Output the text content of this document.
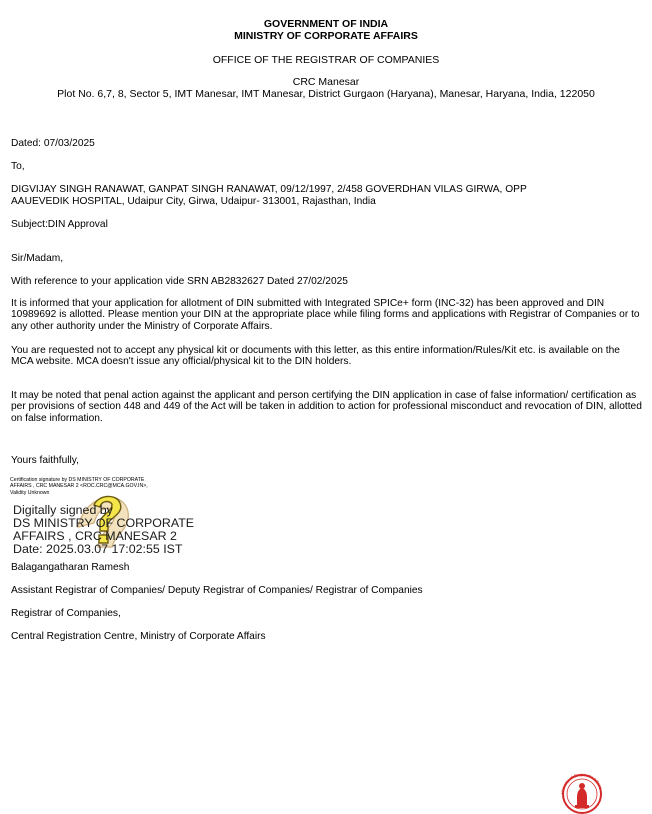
GOVERNMENT OF INDIA

MINISTRY OF CORPORATE AFFAIRS

OFFICE OF THE REGISTRAR OF COMPANIES

CRC Manesar

Plot No. 6,7, 8, Sector 5, IMT Manesar, IMT Manesar, District Gurgaon (Haryana), Manesar, Haryana, India, 122050

Dated: 07/03/2025

To,

DIGVIJAY SINGH RANAWAT, GANPAT SINGH RANAWAT, 09/12/1997, 2/458 GOVERDHAN VILAS GIRWA, OPP

AAUEVEDIK HOSPITAL, Udaipur City, Girwa, Udaipur- 313001, Rajasthan, India

Subject:DIN Approval

Sir/Madam,

With reference to your application vide SRN AB2832627 Dated 27/02/2025

It is informed that your application for allotment of DIN submitted with Integrated SPICe+ form (INC-32) has been approved and DIN 10989692 is allotted. Please mention your DIN at the appropriate place while filing forms and applications with Registrar of Companies or to any other authority under the Ministry of Corporate Affairs.

You are requested not to accept any physical kit or documents with this letter, as this entire information/Rules/Kit etc. is available on the MCA website. MCA doesn't issue any official/physical kit to the DIN holders.

It may be noted that penal action against the applicant and person certifying the DIN application in case of false information/ certification as per provisions of section 448 and 449 of the Act will be taken in addition to action for professional misconduct and revocation of DIN, allotted on false information.

Yours faithfully,

Certification signature by DS MINISTRY OF CORPORATE

AFFAIRS , CRC MANESAR 2 <ROC.CRC@MCA.GOV.IN>,

Validity Unknown

Digitally signed by

DS MINISTRY OF CORPORATE

AFFAIRS , CRC MANESAR 2

Date: 2025.03.07 17:02:55 IST

Balagangatharan Ramesh

Assistant Registrar of Companies/ Deputy Registrar of Companies/ Registrar of Companies

Registrar of Companies,

Central Registration Centre, Ministry of Corporate Affairs

Ministry of Corporate Affairs
